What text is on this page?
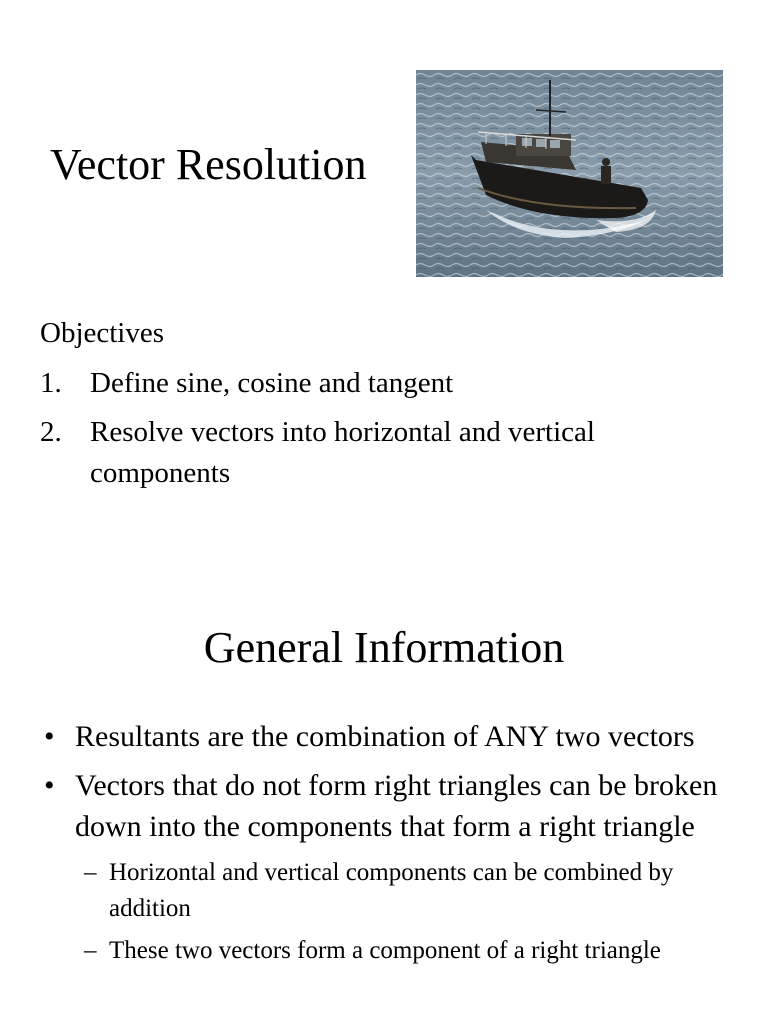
Vector Resolution
Objectives
1. Define sine, cosine and tangent
2. Resolve vectors into horizontal and vertical components
General Information
• Resultants are the combination of ANY two vectors
• Vectors that do not form right triangles can be broken down into the components that form a right triangle
– Horizontal and vertical components can be combined by addition
– These two vectors form a component of a right triangle
